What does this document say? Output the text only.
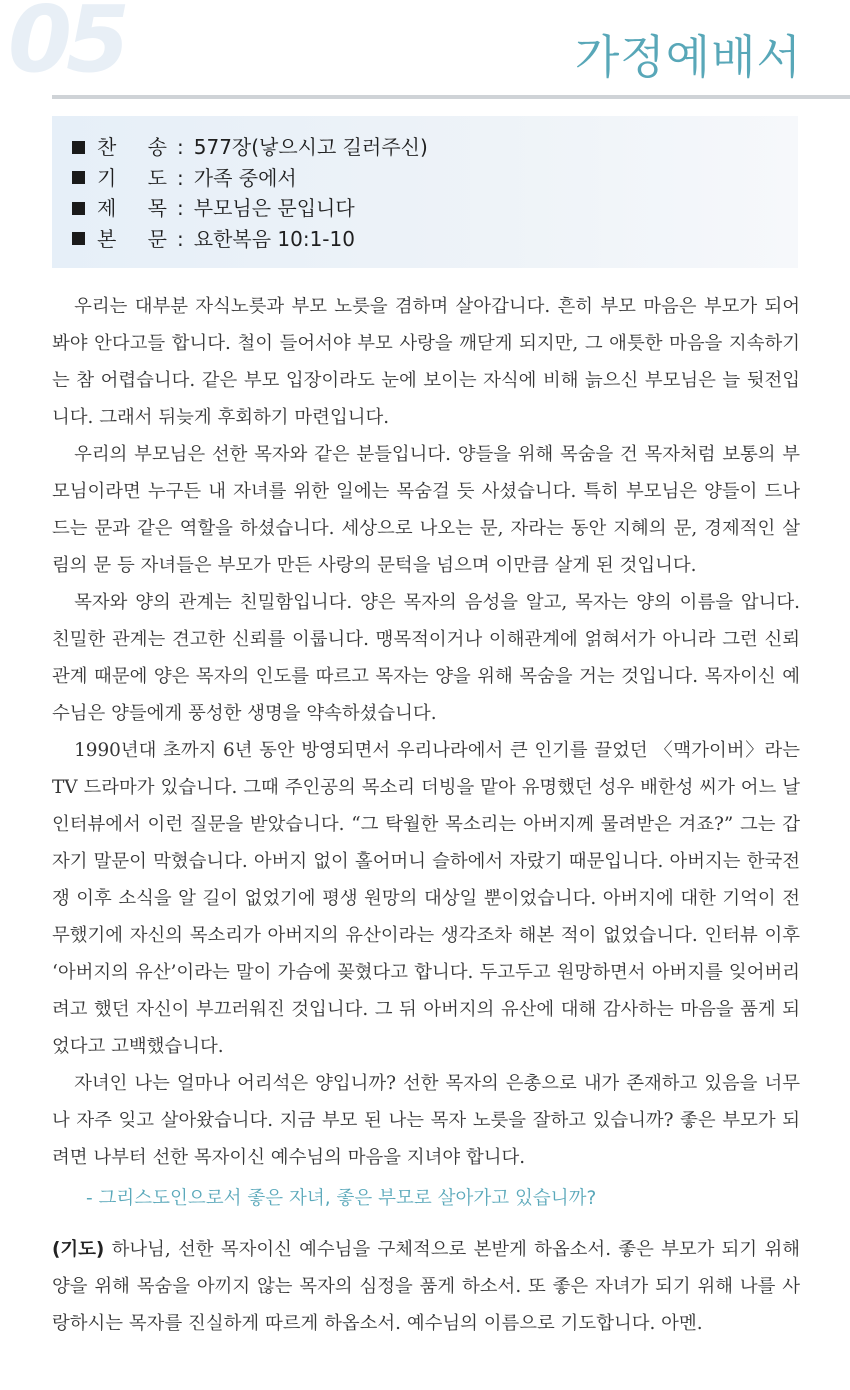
05	가정예배서
찬 송 : 577장(낳으시고 길러주신)
기 도 : 가족 중에서
제 목 : 부모님은 문입니다
본 문 : 요한복음 10:1-10

우리는 대부분 자식노릇과 부모 노릇을 겸하며 살아갑니다. 흔히 부모 마음은 부모가 되어 봐야 안다고들 합니다. 철이 들어서야 부모 사랑을 깨닫게 되지만, 그 애틋한 마음을 지속하기는 참 어렵습니다. 같은 부모 입장이라도 눈에 보이는 자식에 비해 늙으신 부모님은 늘 뒷전입니다. 그래서 뒤늦게 후회하기 마련입니다.

우리의 부모님은 선한 목자와 같은 분들입니다. 양들을 위해 목숨을 건 목자처럼 보통의 부모님이라면 누구든 내 자녀를 위한 일에는 목숨걸 듯 사셨습니다. 특히 부모님은 양들이 드나드는 문과 같은 역할을 하셨습니다. 세상으로 나오는 문, 자라는 동안 지혜의 문, 경제적인 살림의 문 등 자녀들은 부모가 만든 사랑의 문턱을 넘으며 이만큼 살게 된 것입니다.

목자와 양의 관계는 친밀함입니다. 양은 목자의 음성을 알고, 목자는 양의 이름을 압니다. 친밀한 관계는 견고한 신뢰를 이룹니다. 맹목적이거나 이해관계에 얽혀서가 아니라 그런 신뢰관계 때문에 양은 목자의 인도를 따르고 목자는 양을 위해 목숨을 거는 것입니다. 목자이신 예수님은 양들에게 풍성한 생명을 약속하셨습니다.

1990년대 초까지 6년 동안 방영되면서 우리나라에서 큰 인기를 끌었던 〈맥가이버〉라는 TV 드라마가 있습니다. 그때 주인공의 목소리 더빙을 맡아 유명했던 성우 배한성 씨가 어느 날 인터뷰에서 이런 질문을 받았습니다. “그 탁월한 목소리는 아버지께 물려받은 겨죠?” 그는 갑자기 말문이 막혔습니다. 아버지 없이 홀어머니 슬하에서 자랐기 때문입니다. 아버지는 한국전쟁 이후 소식을 알 길이 없었기에 평생 원망의 대상일 뿐이었습니다. 아버지에 대한 기억이 전무했기에 자신의 목소리가 아버지의 유산이라는 생각조차 해본 적이 없었습니다. 인터뷰 이후 ‘아버지의 유산’이라는 말이 가슴에 꽂혔다고 합니다. 두고두고 원망하면서 아버지를 잊어버리려고 했던 자신이 부끄러워진 것입니다. 그 뒤 아버지의 유산에 대해 감사하는 마음을 품게 되었다고 고백했습니다.

자녀인 나는 얼마나 어리석은 양입니까? 선한 목자의 은총으로 내가 존재하고 있음을 너무나 자주 잊고 살아왔습니다. 지금 부모 된 나는 목자 노릇을 잘하고 있습니까? 좋은 부모가 되려면 나부터 선한 목자이신 예수님의 마음을 지녀야 합니다.

- 그리스도인으로서 좋은 자녀, 좋은 부모로 살아가고 있습니까?
(기도) 하나님, 선한 목자이신 예수님을 구체적으로 본받게 하옵소서. 좋은 부모가 되기 위해 양을 위해 목숨을 아끼지 않는 목자의 심정을 품게 하소서. 또 좋은 자녀가 되기 위해 나를 사랑하시는 목자를 진실하게 따르게 하옵소서. 예수님의 이름으로 기도합니다. 아멘.
